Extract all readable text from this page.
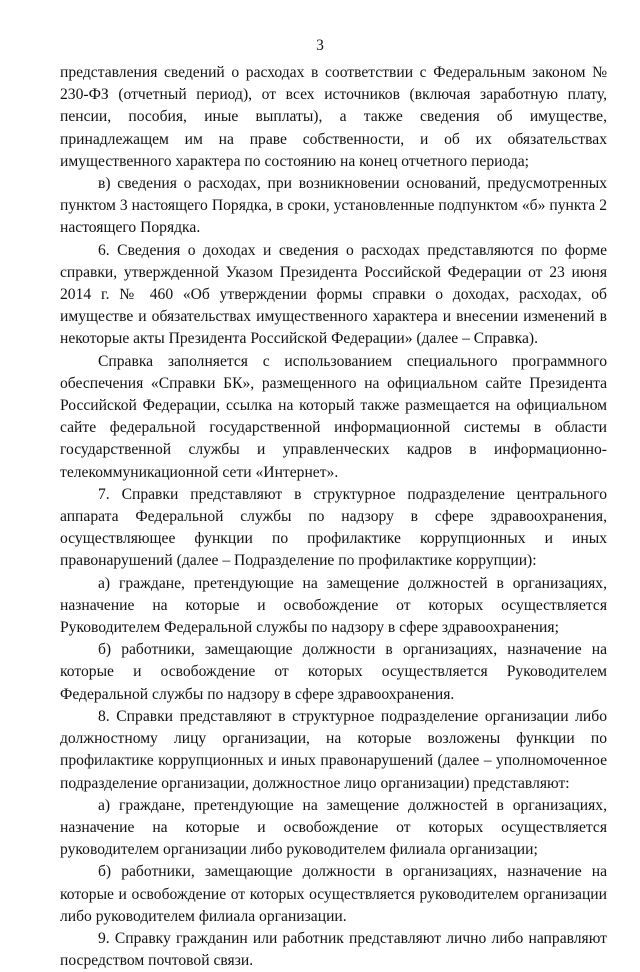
3

представления сведений о расходах в соответствии с Федеральным законом № 230-ФЗ (отчетный период), от всех источников (включая заработную плату, пенсии, пособия, иные выплаты), а также сведения об имуществе, принадлежащем им на праве собственности, и об их обязательствах имущественного характера по состоянию на конец отчетного периода;

в) сведения о расходах, при возникновении оснований, предусмотренных пунктом 3 настоящего Порядка, в сроки, установленные подпунктом «б» пункта 2 настоящего Порядка.

6. Сведения о доходах и сведения о расходах представляются по форме справки, утвержденной Указом Президента Российской Федерации от 23 июня 2014 г. № 460 «Об утверждении формы справки о доходах, расходах, об имуществе и обязательствах имущественного характера и внесении изменений в некоторые акты Президента Российской Федерации» (далее – Справка).

Справка заполняется с использованием специального программного обеспечения «Справки БК», размещенного на официальном сайте Президента Российской Федерации, ссылка на который также размещается на официальном сайте федеральной государственной информационной системы в области государственной службы и управленческих кадров в информационно-телекоммуникационной сети «Интернет».

7. Справки представляют в структурное подразделение центрального аппарата Федеральной службы по надзору в сфере здравоохранения, осуществляющее функции по профилактике коррупционных и иных правонарушений (далее – Подразделение по профилактике коррупции):

а) граждане, претендующие на замещение должностей в организациях, назначение на которые и освобождение от которых осуществляется Руководителем Федеральной службы по надзору в сфере здравоохранения;

б) работники, замещающие должности в организациях, назначение на которые и освобождение от которых осуществляется Руководителем Федеральной службы по надзору в сфере здравоохранения.

8. Справки представляют в структурное подразделение организации либо должностному лицу организации, на которые возложены функции по профилактике коррупционных и иных правонарушений (далее – уполномоченное подразделение организации, должностное лицо организации) представляют:

а) граждане, претендующие на замещение должностей в организациях, назначение на которые и освобождение от которых осуществляется руководителем организации либо руководителем филиала организации;

б) работники, замещающие должности в организациях, назначение на которые и освобождение от которых осуществляется руководителем организации либо руководителем филиала организации.

9. Справку гражданин или работник представляют лично либо направляют посредством почтовой связи.
